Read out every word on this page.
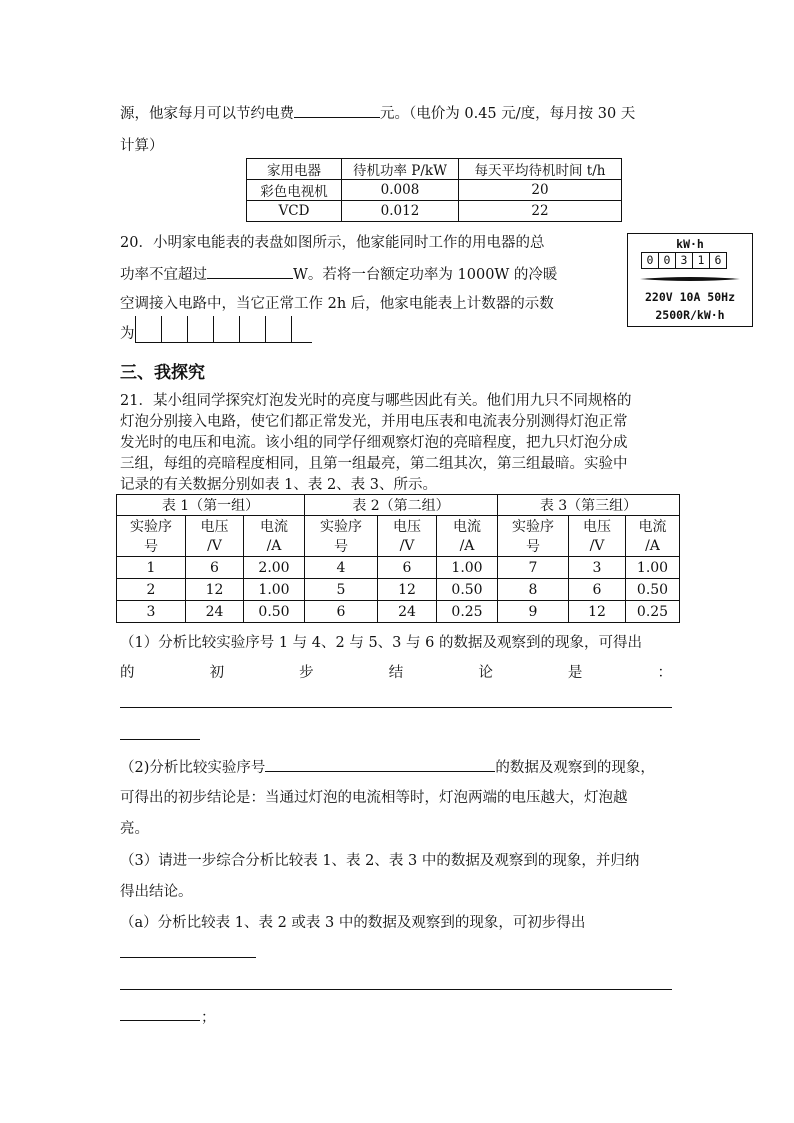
源，他家每月可以节约电费	元。（电价为 0.45 元/度，每月按 30 天
计算）
家用电器	待机功率 P/kW	每天平均待机时间 t/h
彩色电视机	0.008	20
VCD	0.012	22
20．小明家电能表的表盘如图所示，他家能同时工作的用电器的总
功率不宜超过	W。若将一台额定功率为 1000W 的冷暖
空调接入电路中，当它正常工作 2h 后，他家电能表上计数器的示数
为
kW·h
0 0 3 1 6
220V 10A 50Hz
2500R/kW·h
三、我探究
21．某小组同学探究灯泡发光时的亮度与哪些因此有关。他们用九只不同规格的
灯泡分别接入电路，使它们都正常发光，并用电压表和电流表分别测得灯泡正常
发光时的电压和电流。该小组的同学仔细观察灯泡的亮暗程度，把九只灯泡分成
三组，每组的亮暗程度相同，且第一组最亮，第二组其次，第三组最暗。实验中
记录的有关数据分别如表 1、表 2、表 3、所示。
表 1（第一组）			表 2（第二组）			表 3（第三组）		
实验序	电压	电流	实验序	电压	电流	实验序	电压	电流
号	/V	/A	号	/V	/A	号	/V	/A
1	6	2.00	4	6	1.00	7	3	1.00
2	12	1.00	5	12	0.50	8	6	0.50
3	24	0.50	6	24	0.25	9	12	0.25
（1）分析比较实验序号 1 与 4、2 与 5、3 与 6 的数据及观察到的现象，可得出
的	初	步	结	论	是	：
（2)分析比较实验序号	的数据及观察到的现象，
可得出的初步结论是：当通过灯泡的电流相等时，灯泡两端的电压越大，灯泡越
亮。
（3）请进一步综合分析比较表 1、表 2、表 3 中的数据及观察到的现象，并归纳
得出结论。
（a）分析比较表 1、表 2 或表 3 中的数据及观察到的现象，可初步得出
；
